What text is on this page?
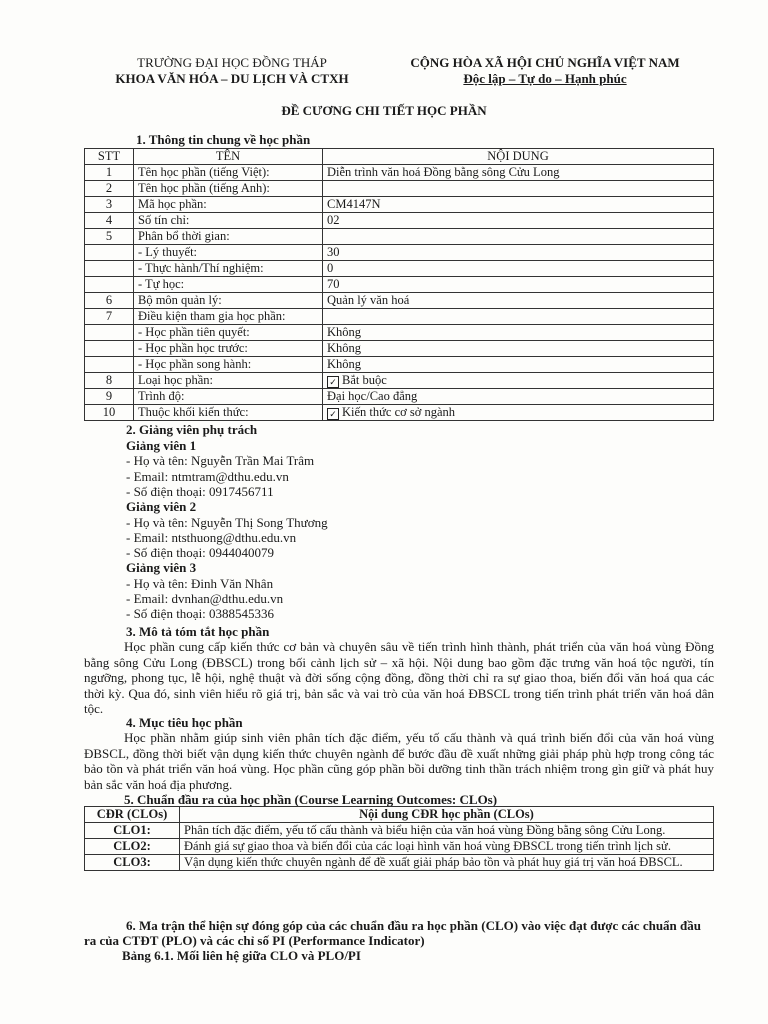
TRƯỜNG ĐẠI HỌC ĐỒNG THÁP
KHOA VĂN HÓA – DU LỊCH VÀ CTXH
CỘNG HÒA XÃ HỘI CHỦ NGHĨA VIỆT NAM
Độc lập – Tự do – Hạnh phúc
ĐỀ CƯƠNG CHI TIẾT HỌC PHẦN
1. Thông tin chung về học phần
STT	TÊN	NỘI DUNG
1	Tên học phần (tiếng Việt):	Diễn trình văn hoá Đồng bằng sông Cửu Long
2	Tên học phần (tiếng Anh):	
3	Mã học phần:	CM4147N
4	Số tín chỉ:	02
5	Phân bổ thời gian:	
	- Lý thuyết:	30
	- Thực hành/Thí nghiệm:	0
	- Tự học:	70
6	Bộ môn quản lý:	Quản lý văn hoá
7	Điều kiện tham gia học phần:	
	- Học phần tiên quyết:	Không
	- Học phần học trước:	Không
	- Học phần song hành:	Không
8	Loại học phần:	✓ Bắt buộc
9	Trình độ:	Đại học/Cao đẳng
10	Thuộc khối kiến thức:	✓ Kiến thức cơ sở ngành
2. Giảng viên phụ trách
Giảng viên 1
- Họ và tên: Nguyễn Trần Mai Trâm
- Email: ntmtram@dthu.edu.vn
- Số điện thoại: 0917456711
Giảng viên 2
- Họ và tên: Nguyễn Thị Song Thương
- Email: ntsthuong@dthu.edu.vn
- Số điện thoại: 0944040079
Giảng viên 3
- Họ và tên: Đinh Văn Nhân
- Email: dvnhan@dthu.edu.vn
- Số điện thoại: 0388545336
3. Mô tả tóm tắt học phần
Học phần cung cấp kiến thức cơ bản và chuyên sâu về tiến trình hình thành, phát triển của văn hoá vùng Đồng bằng sông Cửu Long (ĐBSCL) trong bối cảnh lịch sử – xã hội. Nội dung bao gồm đặc trưng văn hoá tộc người, tín ngưỡng, phong tục, lễ hội, nghệ thuật và đời sống cộng đồng, đồng thời chỉ ra sự giao thoa, biến đổi văn hoá qua các thời kỳ. Qua đó, sinh viên hiểu rõ giá trị, bản sắc và vai trò của văn hoá ĐBSCL trong tiến trình phát triển văn hoá dân tộc.
4. Mục tiêu học phần
Học phần nhằm giúp sinh viên phân tích đặc điểm, yếu tố cấu thành và quá trình biến đổi của văn hoá vùng ĐBSCL, đồng thời biết vận dụng kiến thức chuyên ngành để bước đầu đề xuất những giải pháp phù hợp trong công tác bảo tồn và phát triển văn hoá vùng. Học phần cũng góp phần bồi dưỡng tinh thần trách nhiệm trong gìn giữ và phát huy bản sắc văn hoá địa phương.
5. Chuẩn đầu ra của học phần (Course Learning Outcomes: CLOs)
CĐR (CLOs)	Nội dung CĐR học phần (CLOs)
CLO1:	Phân tích đặc điểm, yếu tố cấu thành và biểu hiện của văn hoá vùng Đồng bằng sông Cửu Long.
CLO2:	Đánh giá sự giao thoa và biến đổi của các loại hình văn hoá vùng ĐBSCL trong tiến trình lịch sử.
CLO3:	Vận dụng kiến thức chuyên ngành để đề xuất giải pháp bảo tồn và phát huy giá trị văn hoá ĐBSCL.
6. Ma trận thể hiện sự đóng góp của các chuẩn đầu ra học phần (CLO) vào việc đạt được các chuẩn đầu ra của CTĐT (PLO) và các chỉ số PI (Performance Indicator)
Bảng 6.1. Mối liên hệ giữa CLO và PLO/PI
